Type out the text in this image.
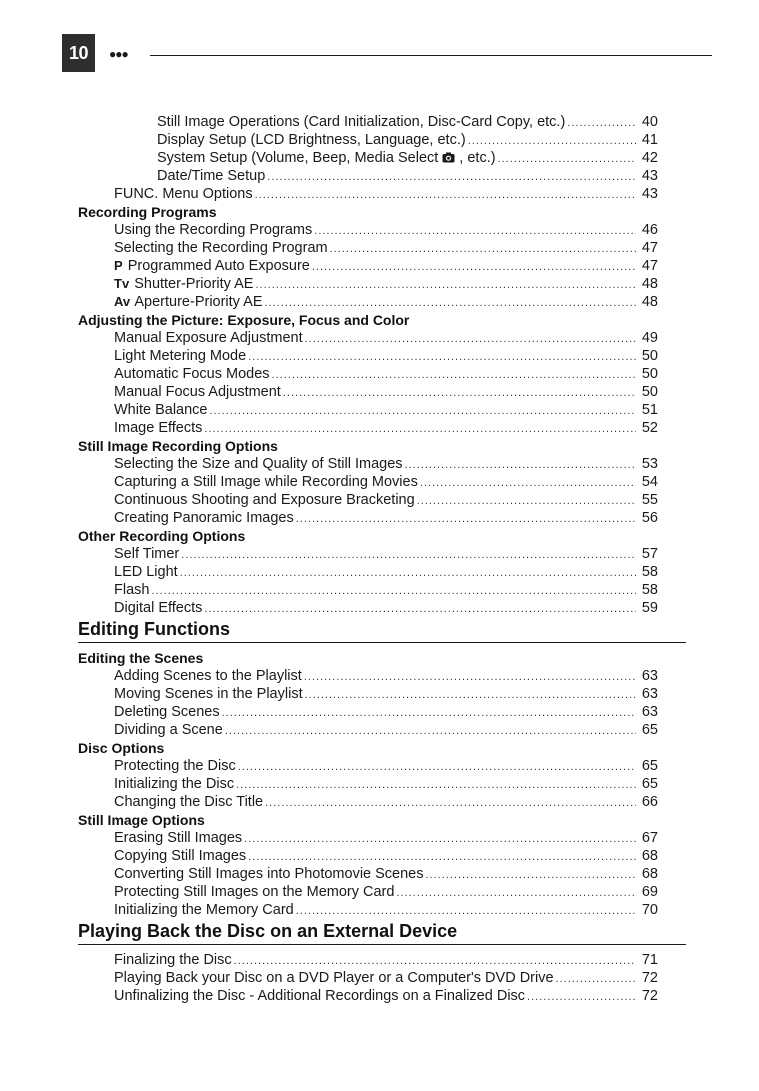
10	●●●
Still Image Operations (Card Initialization, Disc-Card Copy, etc.) .....	40
Display Setup (LCD Brightness, Language, etc.) .....	41
System Setup (Volume, Beep, Media Select , etc.) .....	42
Date/Time Setup .....	43
FUNC. Menu Options .....	43
Recording Programs
Using the Recording Programs .....	46
Selecting the Recording Program .....	47
P Programmed Auto Exposure .....	47
Tv Shutter-Priority AE .....	48
Av Aperture-Priority AE .....	48
Adjusting the Picture: Exposure, Focus and Color
Manual Exposure Adjustment .....	49
Light Metering Mode .....	50
Automatic Focus Modes .....	50
Manual Focus Adjustment .....	50
White Balance .....	51
Image Effects .....	52
Still Image Recording Options
Selecting the Size and Quality of Still Images .....	53
Capturing a Still Image while Recording Movies .....	54
Continuous Shooting and Exposure Bracketing .....	55
Creating Panoramic Images .....	56
Other Recording Options
Self Timer .....	57
LED Light .....	58
Flash .....	58
Digital Effects .....	59
Editing Functions
Editing the Scenes
Adding Scenes to the Playlist .....	63
Moving Scenes in the Playlist .....	63
Deleting Scenes .....	63
Dividing a Scene .....	65
Disc Options
Protecting the Disc .....	65
Initializing the Disc .....	65
Changing the Disc Title .....	66
Still Image Options
Erasing Still Images .....	67
Copying Still Images .....	68
Converting Still Images into Photomovie Scenes .....	68
Protecting Still Images on the Memory Card .....	69
Initializing the Memory Card .....	70
Playing Back the Disc on an External Device
Finalizing the Disc .....	71
Playing Back your Disc on a DVD Player or a Computer's DVD Drive .....	72
Unfinalizing the Disc - Additional Recordings on a Finalized Disc .....	72
